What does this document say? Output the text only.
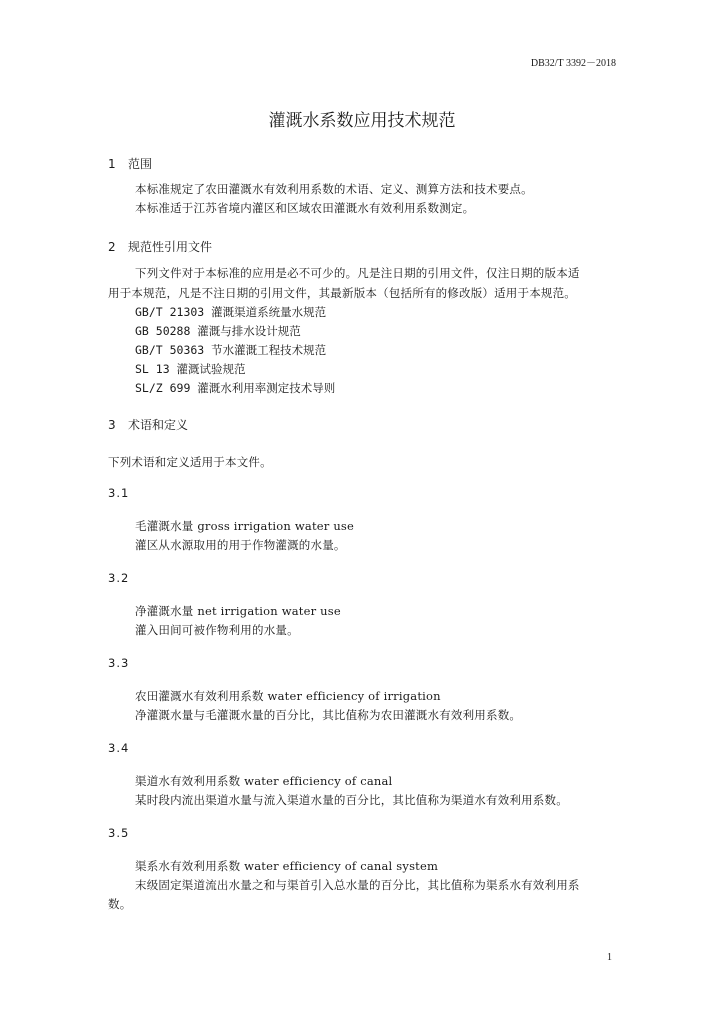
DB32/T 3392－2018
灌溉水系数应用技术规范
1 范围
本标准规定了农田灌溉水有效利用系数的术语、定义、测算方法和技术要点。
本标准适于江苏省境内灌区和区域农田灌溉水有效利用系数测定。
2 规范性引用文件
下列文件对于本标准的应用是必不可少的。凡是注日期的引用文件，仅注日期的版本适
用于本规范，凡是不注日期的引用文件，其最新版本（包括所有的修改版）适用于本规范。
GB/T 21303 灌溉渠道系统量水规范
GB 50288 灌溉与排水设计规范
GB/T 50363 节水灌溉工程技术规范
SL 13 灌溉试验规范
SL/Z 699 灌溉水利用率测定技术导则
3 术语和定义
下列术语和定义适用于本文件。
3.1
毛灌溉水量 gross irrigation water use
灌区从水源取用的用于作物灌溉的水量。
3.2
净灌溉水量 net irrigation water use
灌入田间可被作物利用的水量。
3.3
农田灌溉水有效利用系数 water efficiency of irrigation
净灌溉水量与毛灌溉水量的百分比，其比值称为农田灌溉水有效利用系数。
3.4
渠道水有效利用系数 water efficiency of canal
某时段内流出渠道水量与流入渠道水量的百分比，其比值称为渠道水有效利用系数。
3.5
渠系水有效利用系数 water efficiency of canal system
末级固定渠道流出水量之和与渠首引入总水量的百分比，其比值称为渠系水有效利用系
数。
1
